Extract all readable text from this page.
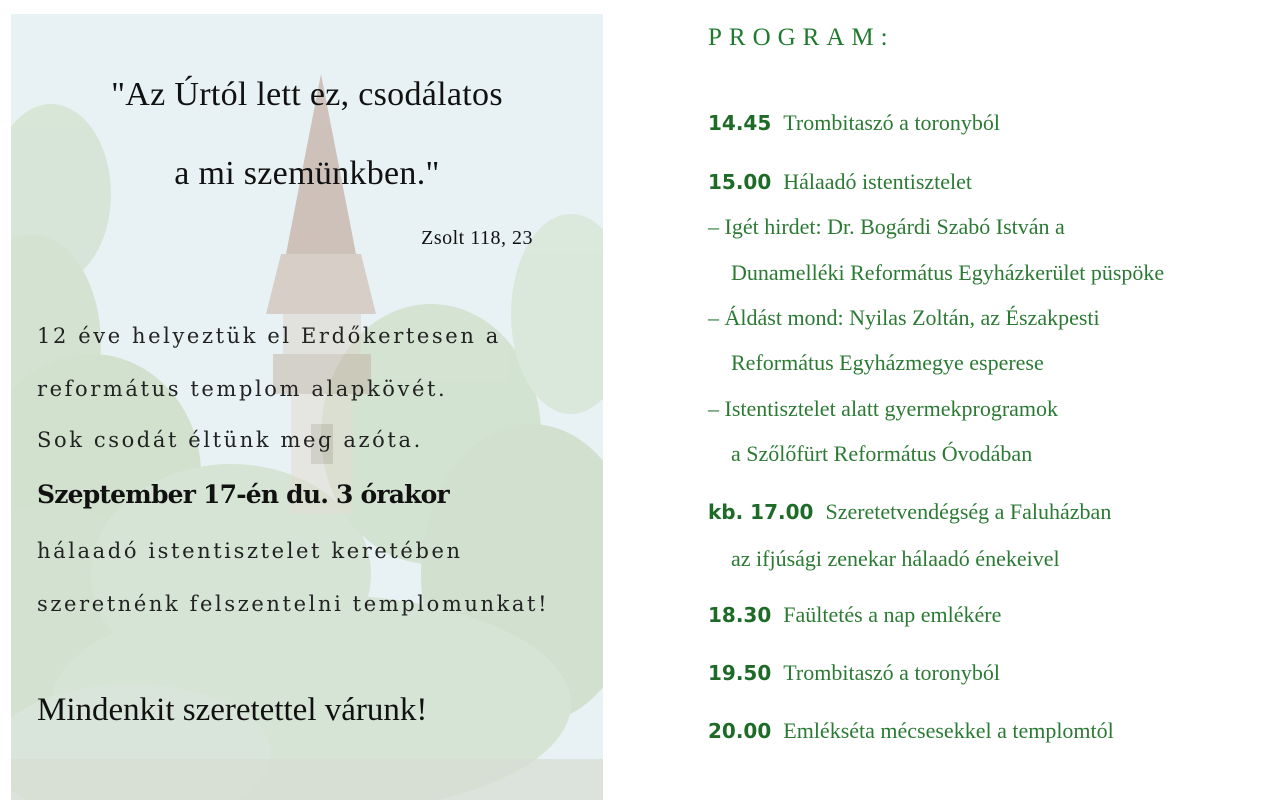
"Az Úrtól lett ez, csodálatos
a mi szemünkben."
Zsolt 118, 23
12 éve helyeztük el Erdőkertesen a
református templom alapkövét.
Sok csodát éltünk meg azóta.
Szeptember 17-én du. 3 órakor
hálaadó istentisztelet keretében
szeretnénk felszentelni templomunkat!
Mindenkit szeretettel várunk!
PROGRAM:
14.45 Trombitaszó a toronyból
15.00 Hálaadó istentisztelet
– Igét hirdet: Dr. Bogárdi Szabó István a
Dunamelléki Református Egyházkerület püspöke
– Áldást mond: Nyilas Zoltán, az Északpesti
Református Egyházmegye esperese
– Istentisztelet alatt gyermekprogramok
a Szőlőfürt Református Óvodában
kb. 17.00 Szeretetvendégség a Faluházban
az ifjúsági zenekar hálaadó énekeivel
18.30 Faültetés a nap emlékére
19.50 Trombitaszó a toronyból
20.00 Emlékséta mécsesekkel a templomtól
